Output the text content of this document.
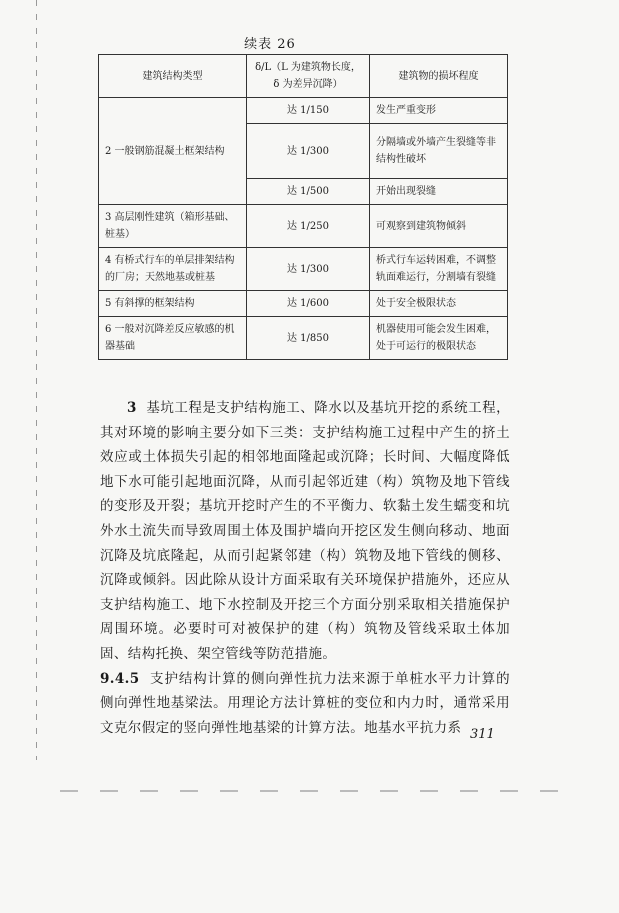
续表 26
建筑结构类型	δ/L（L 为建筑物长度，δ 为差异沉降）	建筑物的损坏程度
2 一般钢筋混凝土框架结构	达 1/150	发生严重变形
	达 1/300	分隔墙或外墙产生裂缝等非结构性破坏
	达 1/500	开始出现裂缝
3 高层刚性建筑（箱形基础、桩基）	达 1/250	可观察到建筑物倾斜
4 有桥式行车的单层排架结构的厂房；天然地基或桩基	达 1/300	桥式行车运转困难，不调整轨面难运行，分割墙有裂缝
5 有斜撑的框架结构	达 1/600	处于安全极限状态
6 一般对沉降差反应敏感的机器基础	达 1/850	机器使用可能会发生困难，处于可运行的极限状态

3 基坑工程是支护结构施工、降水以及基坑开挖的系统工程，其对环境的影响主要分如下三类：支护结构施工过程中产生的挤土效应或土体损失引起的相邻地面隆起或沉降；长时间、大幅度降低地下水可能引起地面沉降，从而引起邻近建（构）筑物及地下管线的变形及开裂；基坑开挖时产生的不平衡力、软黏土发生蠕变和坑外水土流失而导致周围土体及围护墙向开挖区发生侧向移动、地面沉降及坑底隆起，从而引起紧邻建（构）筑物及地下管线的侧移、沉降或倾斜。因此除从设计方面采取有关环境保护措施外，还应从支护结构施工、地下水控制及开挖三个方面分别采取相关措施保护周围环境。必要时可对被保护的建（构）筑物及管线采取土体加固、结构托换、架空管线等防范措施。

9.4.5 支护结构计算的侧向弹性抗力法来源于单桩水平力计算的侧向弹性地基梁法。用理论方法计算桩的变位和内力时，通常采用文克尔假定的竖向弹性地基梁的计算方法。地基水平抗力系 311
